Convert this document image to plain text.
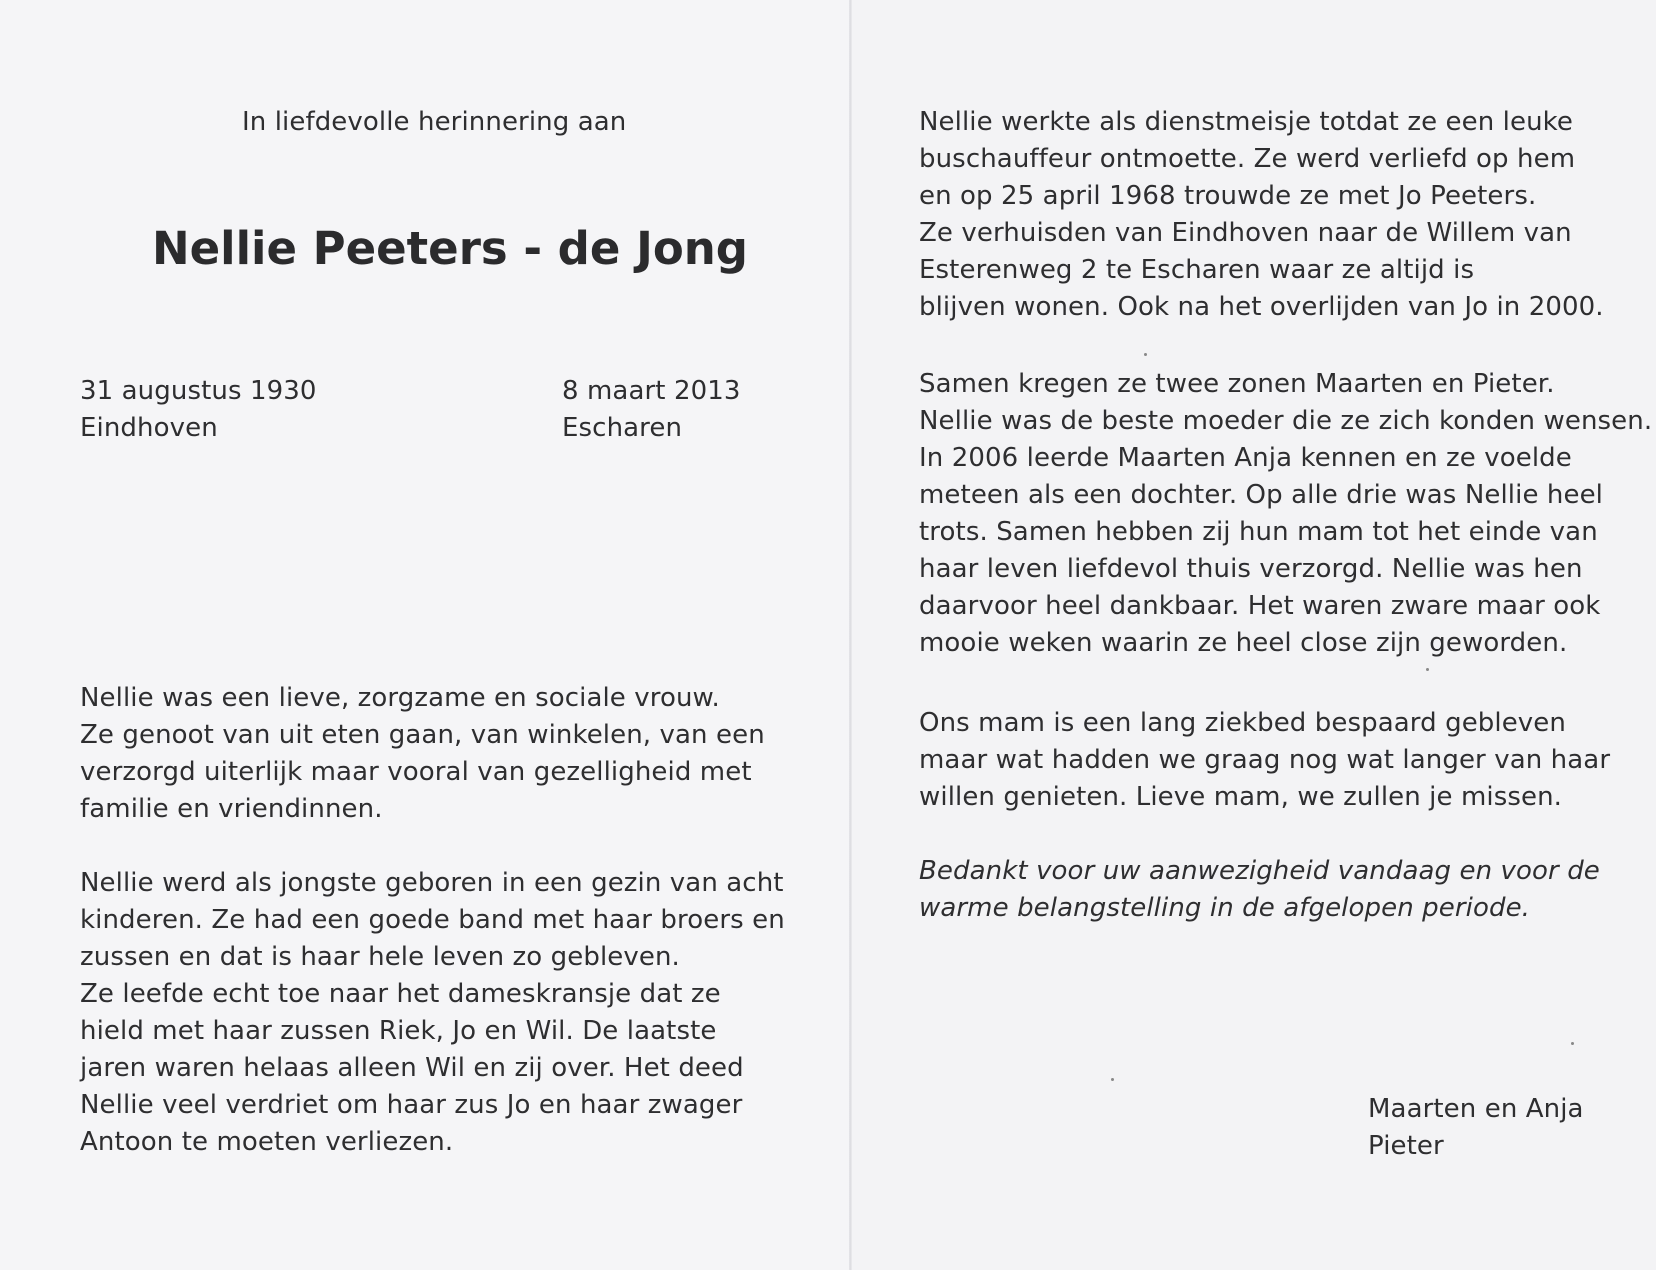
In liefdevolle herinnering aan
Nellie Peeters - de Jong
31 augustus 1930
Eindhoven
8 maart 2013
Escharen
Nellie was een lieve, zorgzame en sociale vrouw.
Ze genoot van uit eten gaan, van winkelen, van een
verzorgd uiterlijk maar vooral van gezelligheid met
familie en vriendinnen.
Nellie werd als jongste geboren in een gezin van acht
kinderen. Ze had een goede band met haar broers en
zussen en dat is haar hele leven zo gebleven.
Ze leefde echt toe naar het dameskransje dat ze
hield met haar zussen Riek, Jo en Wil. De laatste
jaren waren helaas alleen Wil en zij over. Het deed
Nellie veel verdriet om haar zus Jo en haar zwager
Antoon te moeten verliezen.
Nellie werkte als dienstmeisje totdat ze een leuke
buschauffeur ontmoette. Ze werd verliefd op hem
en op 25 april 1968 trouwde ze met Jo Peeters.
Ze verhuisden van Eindhoven naar de Willem van
Esterenweg 2 te Escharen waar ze altijd is
blijven wonen. Ook na het overlijden van Jo in 2000.
Samen kregen ze twee zonen Maarten en Pieter.
Nellie was de beste moeder die ze zich konden wensen.
In 2006 leerde Maarten Anja kennen en ze voelde
meteen als een dochter. Op alle drie was Nellie heel
trots. Samen hebben zij hun mam tot het einde van
haar leven liefdevol thuis verzorgd. Nellie was hen
daarvoor heel dankbaar. Het waren zware maar ook
mooie weken waarin ze heel close zijn geworden.
Ons mam is een lang ziekbed bespaard gebleven
maar wat hadden we graag nog wat langer van haar
willen genieten. Lieve mam, we zullen je missen.
Bedankt voor uw aanwezigheid vandaag en voor de
warme belangstelling in de afgelopen periode.
Maarten en Anja
Pieter
